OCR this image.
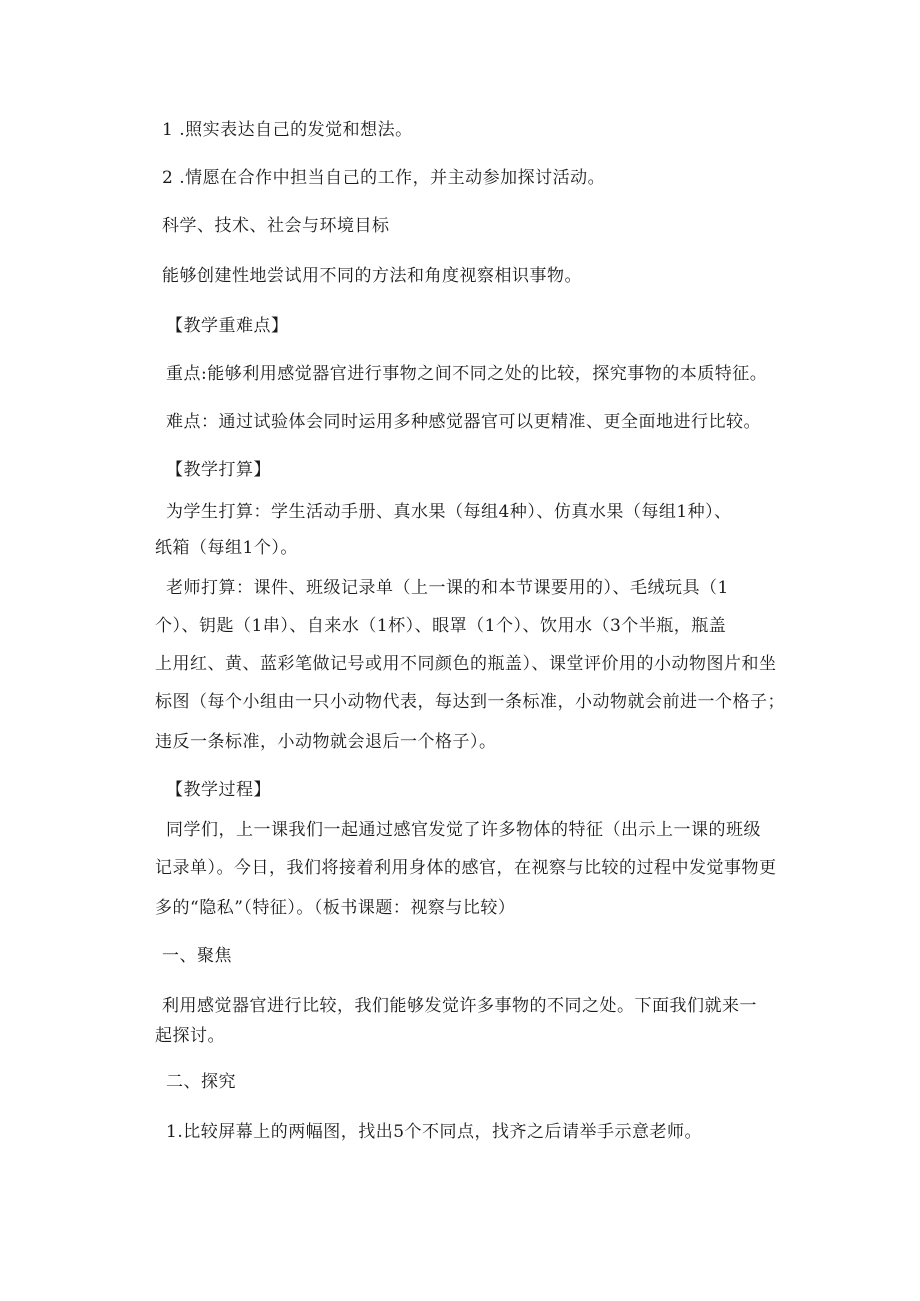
1 .照实表达自己的发觉和想法。
2 .情愿在合作中担当自己的工作，并主动参加探讨活动。
科学、技术、社会与环境目标
能够创建性地尝试用不同的方法和角度视察相识事物。
【教学重难点】
重点:能够利用感觉器官进行事物之间不同之处的比较，探究事物的本质特征。
难点：通过试验体会同时运用多种感觉器官可以更精准、更全面地进行比较。
【教学打算】
为学生打算：学生活动手册、真水果（每组4种）、仿真水果（每组1种）、
纸箱（每组1个）。
老师打算：课件、班级记录单（上一课的和本节课要用的）、毛绒玩具（1
个）、钥匙（1串）、自来水（1杯）、眼罩（1个）、饮用水（3个半瓶，瓶盖
上用红、黄、蓝彩笔做记号或用不同颜色的瓶盖）、课堂评价用的小动物图片和坐
标图（每个小组由一只小动物代表，每达到一条标准，小动物就会前进一个格子；
违反一条标准，小动物就会退后一个格子）。
【教学过程】
同学们，上一课我们一起通过感官发觉了许多物体的特征（出示上一课的班级
记录单）。今日，我们将接着利用身体的感官，在视察与比较的过程中发觉事物更
多的“隐私”（特征）。（板书课题：视察与比较）
一、聚焦
利用感觉器官进行比较，我们能够发觉许多事物的不同之处。下面我们就来一
起探讨。
二、探究
1.比较屏幕上的两幅图，找出5个不同点，找齐之后请举手示意老师。
